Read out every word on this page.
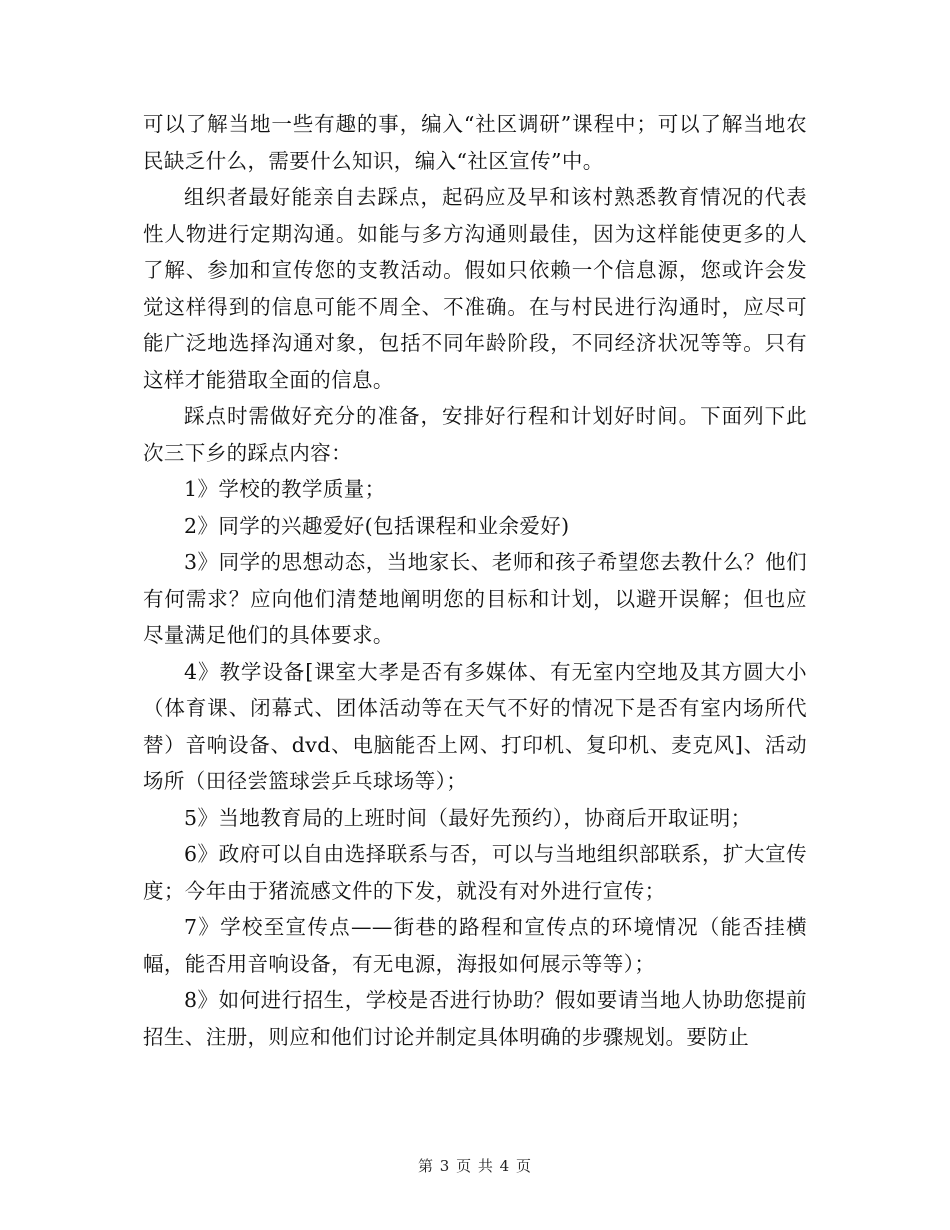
可以了解当地一些有趣的事，编入“社区调研”课程中；可以了解当地农民缺乏什么，需要什么知识，编入“社区宣传”中。

组织者最好能亲自去踩点，起码应及早和该村熟悉教育情况的代表性人物进行定期沟通。如能与多方沟通则最佳，因为这样能使更多的人了解、参加和宣传您的支教活动。假如只依赖一个信息源，您或许会发觉这样得到的信息可能不周全、不准确。在与村民进行沟通时，应尽可能广泛地选择沟通对象，包括不同年龄阶段，不同经济状况等等。只有这样才能猎取全面的信息。

踩点时需做好充分的准备，安排好行程和计划好时间。下面列下此次三下乡的踩点内容：

1》学校的教学质量；

2》同学的兴趣爱好(包括课程和业余爱好)

3》同学的思想动态，当地家长、老师和孩子希望您去教什么？他们有何需求？应向他们清楚地阐明您的目标和计划，以避开误解；但也应尽量满足他们的具体要求。

4》教学设备[课室大孝是否有多媒体、有无室内空地及其方圆大小（体育课、闭幕式、团体活动等在天气不好的情况下是否有室内场所代替）音响设备、dvd、电脑能否上网、打印机、复印机、麦克风]、活动场所（田径尝篮球尝乒乓球场等）；

5》当地教育局的上班时间（最好先预约），协商后开取证明；

6》政府可以自由选择联系与否，可以与当地组织部联系，扩大宣传度；今年由于猪流感文件的下发，就没有对外进行宣传；

7》学校至宣传点——街巷的路程和宣传点的环境情况（能否挂横幅，能否用音响设备，有无电源，海报如何展示等等）；

8》如何进行招生，学校是否进行协助？假如要请当地人协助您提前招生、注册，则应和他们讨论并制定具体明确的步骤规划。要防止

第 3 页 共 4 页
